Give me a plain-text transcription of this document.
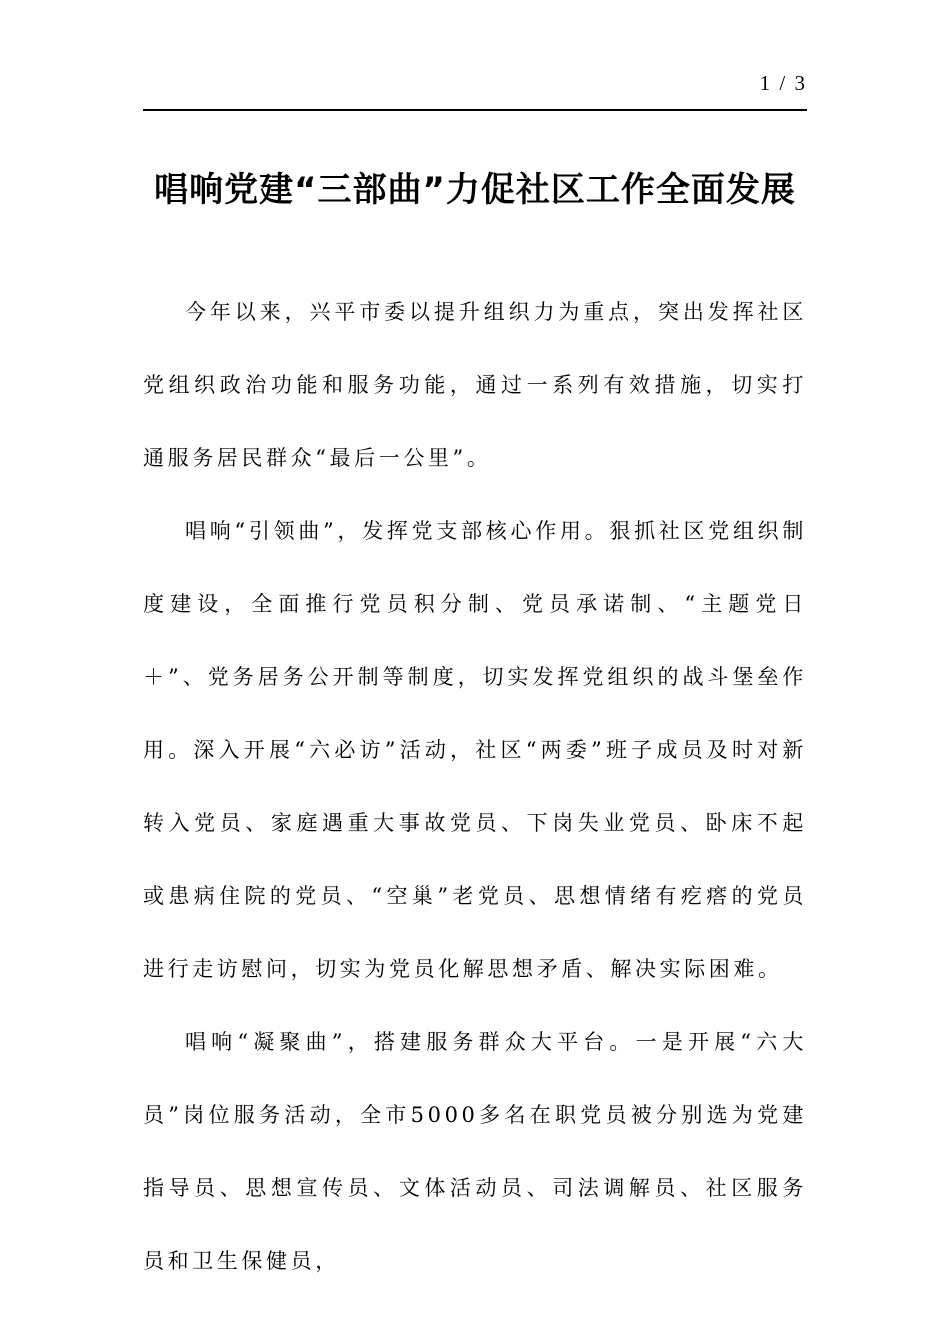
1 / 3
唱响党建“三部曲”力促社区工作全面发展

今年以来，兴平市委以提升组织力为重点，突出发挥社区党组织政治功能和服务功能，通过一系列有效措施，切实打通服务居民群众“最后一公里”。

唱响“引领曲”，发挥党支部核心作用。狠抓社区党组织制度建设，全面推行党员积分制、党员承诺制、“主题党日＋”、党务居务公开制等制度，切实发挥党组织的战斗堡垒作用。深入开展“六必访”活动，社区“两委”班子成员及时对新转入党员、家庭遇重大事故党员、下岗失业党员、卧床不起或患病住院的党员、“空巢”老党员、思想情绪有疙瘩的党员进行走访慰问，切实为党员化解思想矛盾、解决实际困难。

唱响“凝聚曲”，搭建服务群众大平台。一是开展“六大员”岗位服务活动，全市5000多名在职党员被分别选为党建指导员、思想宣传员、文体活动员、司法调解员、社区服务员和卫生保健员，
